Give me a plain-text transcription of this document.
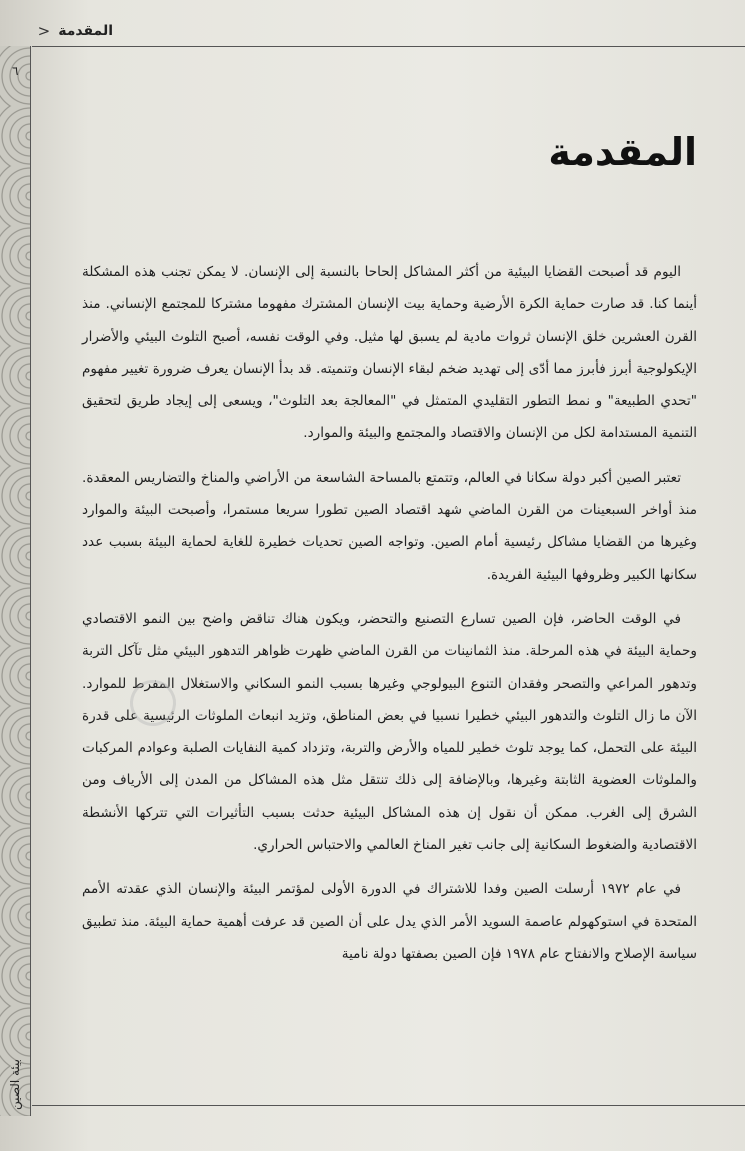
المقدمة
<
٦
بيئة الصين
المقدمة

اليوم قد أصبحت القضايا البيئية من أكثر المشاكل إلحاحا بالنسبة إلى الإنسان. لا يمكن تجنب هذه المشكلة أينما كنا. قد صارت حماية الكرة الأرضية وحماية بيت الإنسان المشترك مفهوما مشتركا للمجتمع الإنساني. منذ القرن العشرين خلق الإنسان ثروات مادية لم يسبق لها مثيل. وفي الوقت نفسه، أصبح التلوث البيئي والأضرار الإيكولوجية أبرز فأبرز مما أدّى إلى تهديد ضخم لبقاء الإنسان وتنميته. قد بدأ الإنسان يعرف ضرورة تغيير مفهوم "تحدي الطبيعة" و نمط التطور التقليدي المتمثل في "المعالجة بعد التلوث"، ويسعى إلى إيجاد طريق لتحقيق التنمية المستدامة لكل من الإنسان والاقتصاد والمجتمع والبيئة والموارد.

تعتبر الصين أكبر دولة سكانا في العالم، وتتمتع بالمساحة الشاسعة من الأراضي والمناخ والتضاريس المعقدة. منذ أواخر السبعينات من القرن الماضي شهد اقتصاد الصين تطورا سريعا مستمرا، وأصبحت البيئة والموارد وغيرها من القضايا مشاكل رئيسية أمام الصين. وتواجه الصين تحديات خطيرة للغاية لحماية البيئة بسبب عدد سكانها الكبير وظروفها البيئية الفريدة.

في الوقت الحاضر، فإن الصين تسارع التصنيع والتحضر، ويكون هناك تناقض واضح بين النمو الاقتصادي وحماية البيئة في هذه المرحلة. منذ الثمانينات من القرن الماضي ظهرت ظواهر التدهور البيئي مثل تآكل التربة وتدهور المراعي والتصحر وفقدان التنوع البيولوجي وغيرها بسبب النمو السكاني والاستغلال المفرط للموارد. الآن ما زال التلوث والتدهور البيئي خطيرا نسبيا في بعض المناطق، وتزيد انبعاث الملوثات الرئيسية على قدرة البيئة على التحمل، كما يوجد تلوث خطير للمياه والأرض والتربة، وتزداد كمية النفايات الصلبة وعوادم المركبات والملوثات العضوية الثابتة وغيرها، وبالإضافة إلى ذلك تنتقل مثل هذه المشاكل من المدن إلى الأرياف ومن الشرق إلى الغرب. ممكن أن نقول إن هذه المشاكل البيئية حدثت بسبب التأثيرات التي تتركها الأنشطة الاقتصادية والضغوط السكانية إلى جانب تغير المناخ العالمي والاحتباس الحراري.

في عام ١٩٧٢ أرسلت الصين وفدا للاشتراك في الدورة الأولى لمؤتمر البيئة والإنسان الذي عقدته الأمم المتحدة في استوكهولم عاصمة السويد الأمر الذي يدل على أن الصين قد عرفت أهمية حماية البيئة. منذ تطبيق سياسة الإصلاح والانفتاح عام ١٩٧٨ فإن الصين بصفتها دولة نامية
